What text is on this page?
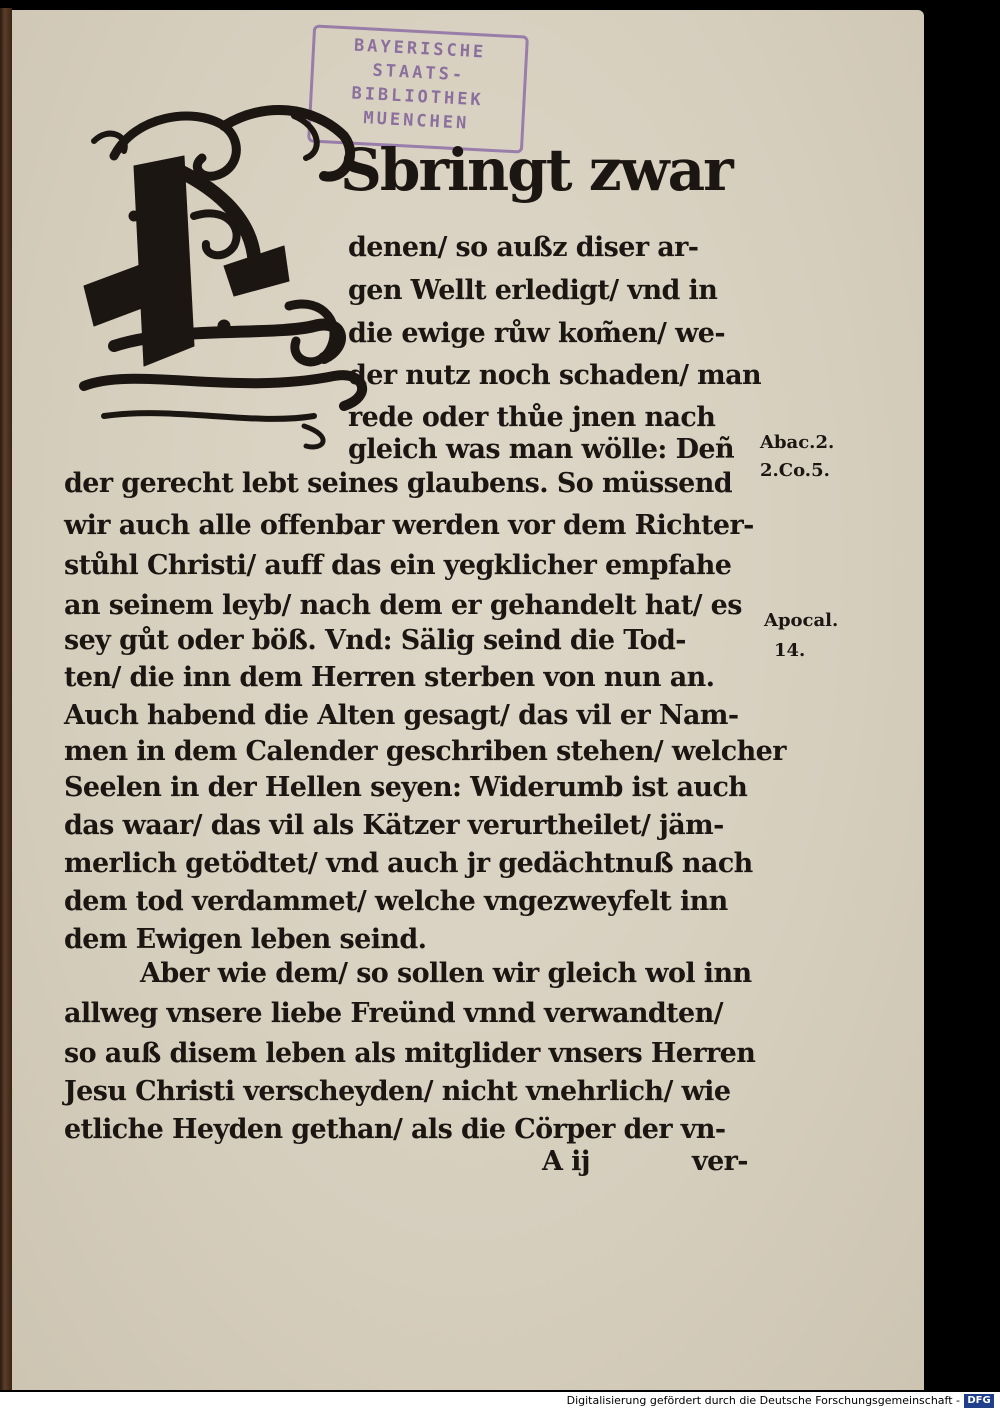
BAYERISCHE
STAATS-
BIBLIOTHEK
MUENCHEN
Sbringt zwar
denen/ so außz diser ar-
gen Wellt erledigt/ vnd in
die ewige růw kom̃en/ we-
der nutz noch schaden/ man
rede oder thůe jnen nach
gleich was man wölle: Deñ
der gerecht lebt seines glaubens. So müssend
wir auch alle offenbar werden vor dem Richter-
stůhl Christi/ auff das ein yegklicher empfahe
an seinem leyb/ nach dem er gehandelt hat/ es
sey gůt oder böß. Vnd: Sälig seind die Tod-
ten/ die inn dem Herren sterben von nun an.
Auch habend die Alten gesagt/ das vil er Nam-
men in dem Calender geschriben stehen/ welcher
Seelen in der Hellen seyen: Widerumb ist auch
das waar/ das vil als Kätzer verurtheilet/ jäm-
merlich getödtet/ vnd auch jr gedächtnuß nach
dem tod verdammet/ welche vngezweyfelt inn
dem Ewigen leben seind.
Aber wie dem/ so sollen wir gleich wol inn
allweg vnsere liebe Freünd vnnd verwandten/
so auß disem leben als mitglider vnsers Herren
Jesu Christi verscheyden/ nicht vnehrlich/ wie
etliche Heyden gethan/ als die Cörper der vn-
A ij	ver-
Abac.2.
2.Co.5.
Apocal.
14.
Digitalisierung gefördert durch die Deutsche Forschungsgemeinschaft - DFG
